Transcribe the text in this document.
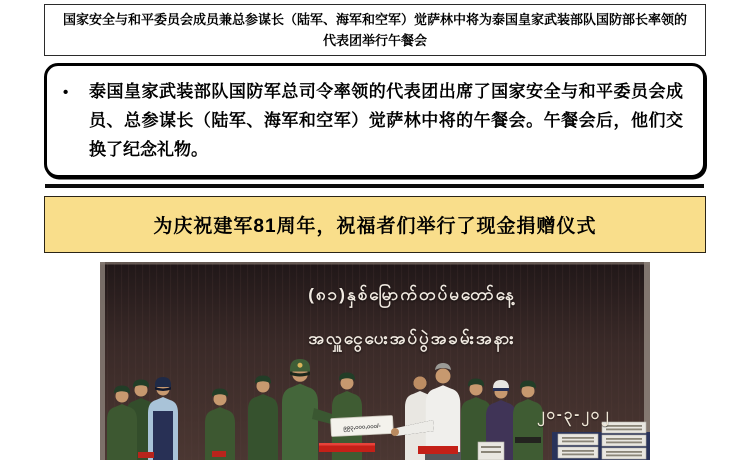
国家安全与和平委员会成员兼总参谋长（陆军、海军和空军）觉萨林中将为泰国皇家武装部队国防部长率领的代表团举行午餐会
•	泰国皇家武装部队国防军总司令率领的代表团出席了国家安全与和平委员会成员、总参谋长（陆军、海军和空军）觉萨林中将的午餐会。午餐会后，他们交换了纪念礼物。
为庆祝建军81周年，祝福者们举行了现金捐赠仪式
၉၉၃,၀၀၀,၀၀၀/-
(၈၁)နှစ်မြောက်တပ်မတော်နေ့
အလှူငွေပေးအပ်ပွဲအခမ်းအနား
၂၀-၃-၂၀၂
